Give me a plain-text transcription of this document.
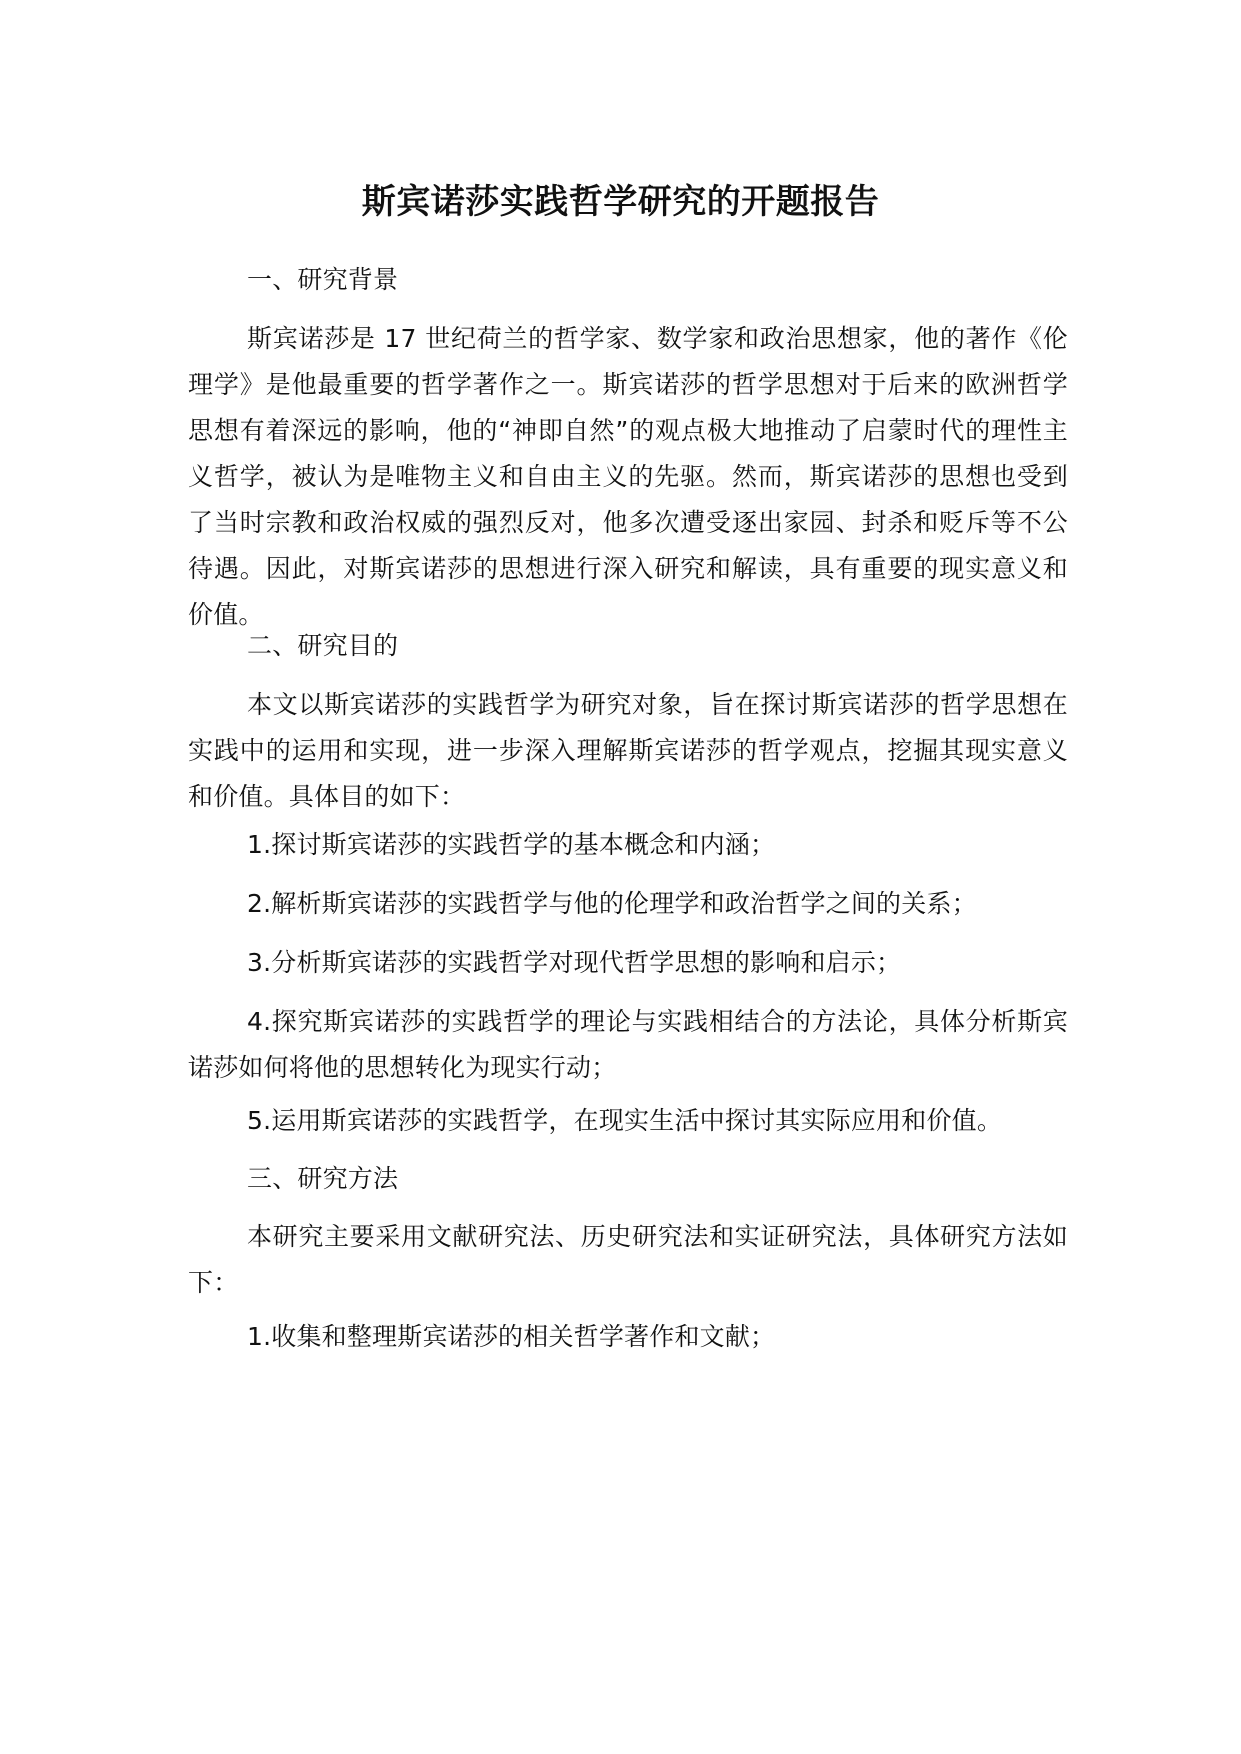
斯宾诺莎实践哲学研究的开题报告
一、研究背景
斯宾诺莎是 17 世纪荷兰的哲学家、数学家和政治思想家，他的著作《伦理学》是他最重要的哲学著作之一。斯宾诺莎的哲学思想对于后来的欧洲哲学思想有着深远的影响，他的“神即自然”的观点极大地推动了启蒙时代的理性主义哲学，被认为是唯物主义和自由主义的先驱。然而，斯宾诺莎的思想也受到了当时宗教和政治权威的强烈反对，他多次遭受逐出家园、封杀和贬斥等不公待遇。因此，对斯宾诺莎的思想进行深入研究和解读，具有重要的现实意义和价值。
二、研究目的
本文以斯宾诺莎的实践哲学为研究对象，旨在探讨斯宾诺莎的哲学思想在实践中的运用和实现，进一步深入理解斯宾诺莎的哲学观点，挖掘其现实意义和价值。具体目的如下：
1.探讨斯宾诺莎的实践哲学的基本概念和内涵；
2.解析斯宾诺莎的实践哲学与他的伦理学和政治哲学之间的关系；
3.分析斯宾诺莎的实践哲学对现代哲学思想的影响和启示；
4.探究斯宾诺莎的实践哲学的理论与实践相结合的方法论，具体分析斯宾诺莎如何将他的思想转化为现实行动；
5.运用斯宾诺莎的实践哲学，在现实生活中探讨其实际应用和价值。
三、研究方法
本研究主要采用文献研究法、历史研究法和实证研究法，具体研究方法如下：
1.收集和整理斯宾诺莎的相关哲学著作和文献；
